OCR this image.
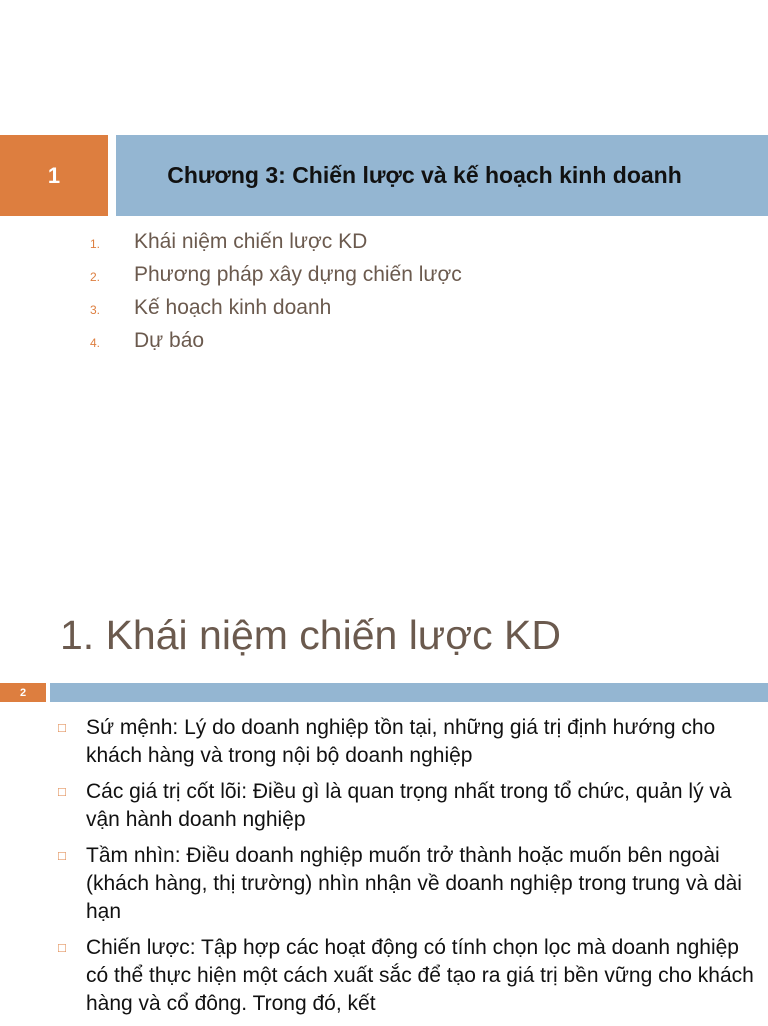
1	Chương 3: Chiến lược và kế hoạch kinh doanh
1.	Khái niệm chiến lược KD
2.	Phương pháp xây dựng chiến lược
3.	Kế hoạch kinh doanh
4.	Dự báo
1. Khái niệm chiến lược KD
2
□ Sứ mệnh: Lý do doanh nghiệp tồn tại, những giá trị định hướng cho khách hàng và trong nội bộ doanh nghiệp
□ Các giá trị cốt lõi: Điều gì là quan trọng nhất trong tổ chức, quản lý và vận hành doanh nghiệp
□ Tầm nhìn: Điều doanh nghiệp muốn trở thành hoặc muốn bên ngoài (khách hàng, thị trường) nhìn nhận về doanh nghiệp trong trung và dài hạn
□ Chiến lược: Tập hợp các hoạt động có tính chọn lọc mà doanh nghiệp có thể thực hiện một cách xuất sắc để tạo ra giá trị bền vững cho khách hàng và cổ đông. Trong đó, kết
